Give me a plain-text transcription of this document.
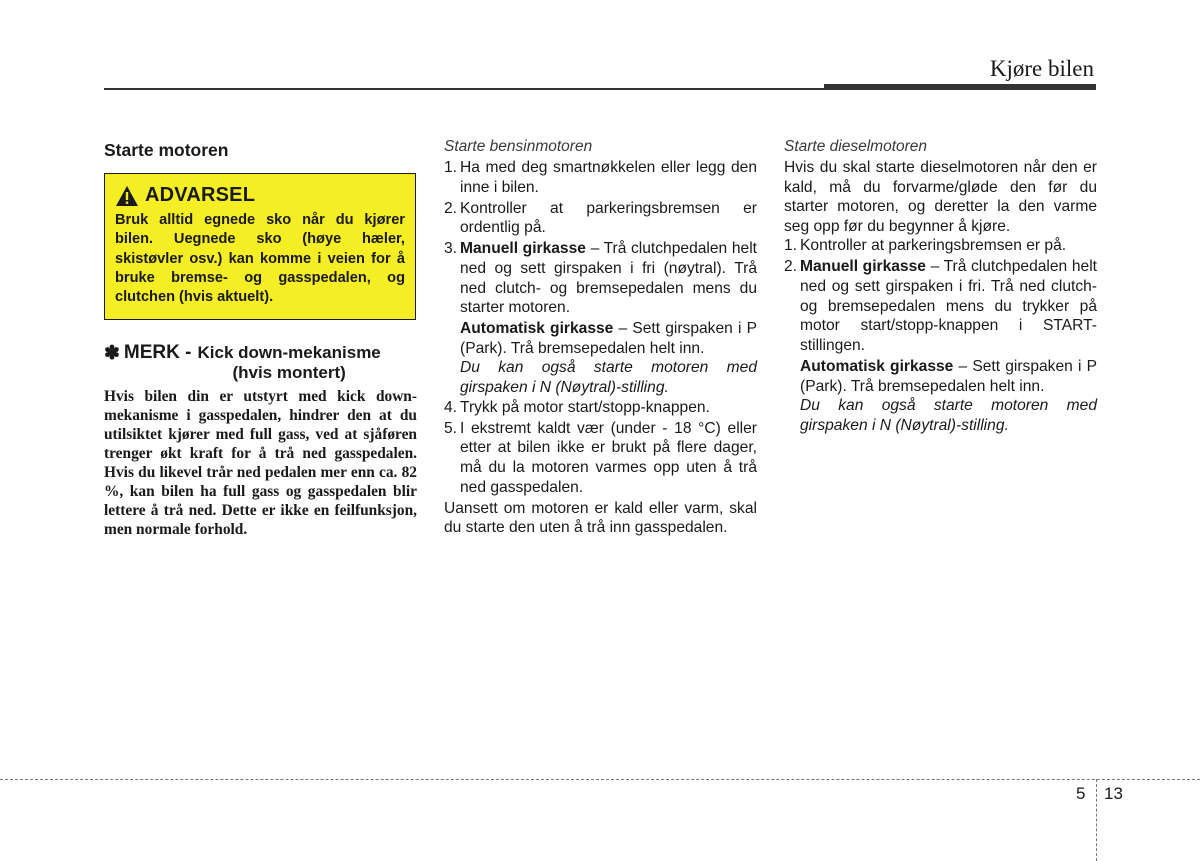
Kjøre bilen
Starte motoren
ADVARSEL
Bruk alltid egnede sko når du kjører bilen. Uegnede sko (høye hæler, skistøvler osv.) kan komme i veien for å bruke bremse- og gasspedalen, og clutchen (hvis aktuelt).
✽ MERK - Kick down-mekanisme
(hvis montert)
Hvis bilen din er utstyrt med kick down-mekanisme i gasspedalen, hindrer den at du utilsiktet kjører med full gass, ved at sjåføren trenger økt kraft for å trå ned gasspedalen. Hvis du likevel trår ned pedalen mer enn ca. 82 %, kan bilen ha full gass og gasspedalen blir lettere å trå ned. Dette er ikke en feilfunksjon, men normale forhold.
Starte bensinmotoren
1. Ha med deg smartnøkkelen eller legg den inne i bilen.
2. Kontroller at parkeringsbremsen er ordentlig på.
3. Manuell girkasse – Trå clutchpedalen helt ned og sett girspaken i fri (nøytral). Trå ned clutch- og bremsepedalen mens du starter motoren.
Automatisk girkasse – Sett girspaken i P (Park). Trå bremsepedalen helt inn.
Du kan også starte motoren med girspaken i N (Nøytral)-stilling.
4. Trykk på motor start/stopp-knappen.
5. I ekstremt kaldt vær (under - 18 °C) eller etter at bilen ikke er brukt på flere dager, må du la motoren varmes opp uten å trå ned gasspedalen.
Uansett om motoren er kald eller varm, skal du starte den uten å trå inn gasspedalen.
Starte dieselmotoren
Hvis du skal starte dieselmotoren når den er kald, må du forvarme/gløde den før du starter motoren, og deretter la den varme seg opp før du begynner å kjøre.
1. Kontroller at parkeringsbremsen er på.
2. Manuell girkasse – Trå clutchpedalen helt ned og sett girspaken i fri. Trå ned clutch- og bremsepedalen mens du trykker på motor start/stopp-knappen i START-stillingen.
Automatisk girkasse – Sett girspaken i P (Park). Trå bremsepedalen helt inn.
Du kan også starte motoren med girspaken i N (Nøytral)-stilling.
5 13
